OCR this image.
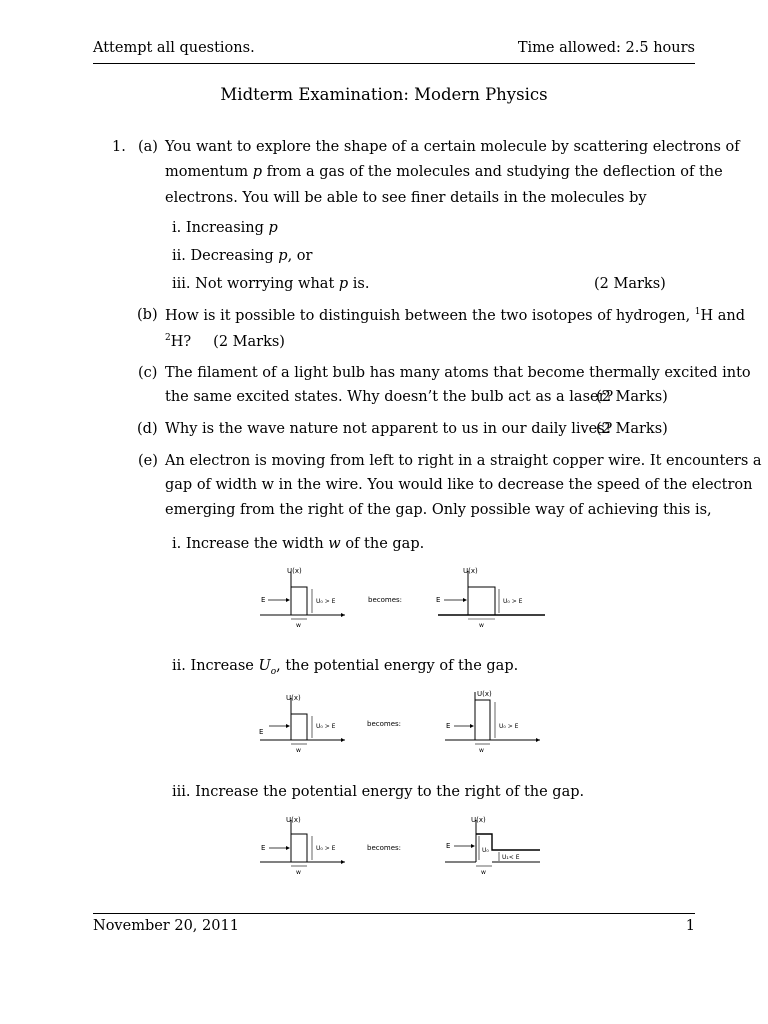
Attempt all questions.	Time allowed: 2.5 hours
Midterm Examination: Modern Physics
1. (a) You want to explore the shape of a certain molecule by scattering electrons of
momentum p from a gas of the molecules and studying the deflection of the
electrons. You will be able to see finer details in the molecules by
i. Increasing p
ii. Decreasing p, or
iii. Not worrying what p is.	(2 Marks)
(b) How is it possible to distinguish between the two isotopes of hydrogen, $^1$H and
$^2$H? (2 Marks)
(c) The filament of a light bulb has many atoms that become thermally excited into
the same excited states. Why doesn’t the bulb act as a laser?
(2 Marks)
(d) Why is the wave nature not apparent to us in our daily lives?
(2 Marks)
(e) An electron is moving from left to right in a straight copper wire. It encounters a
gap of width w in the wire. You would like to decrease the speed of the electron
emerging from the right of the gap. Only possible way of achieving this is,
i. Increase the width w of the gap.
U(x)
E	U₀ > E
w
becomes:
U(x)
E	U₀ > E
w
ii. Increase $U_o$, the potential energy of the gap.
U(x)
E
U₀ > E
w
becomes:
U(x)
E	U₀ > E
w
iii. Increase the potential energy to the right of the gap.
U(x)
E	U₀ > E
w
becomes:
U(x)
E
U₀
U₁< E
w
November 20, 2011	1
